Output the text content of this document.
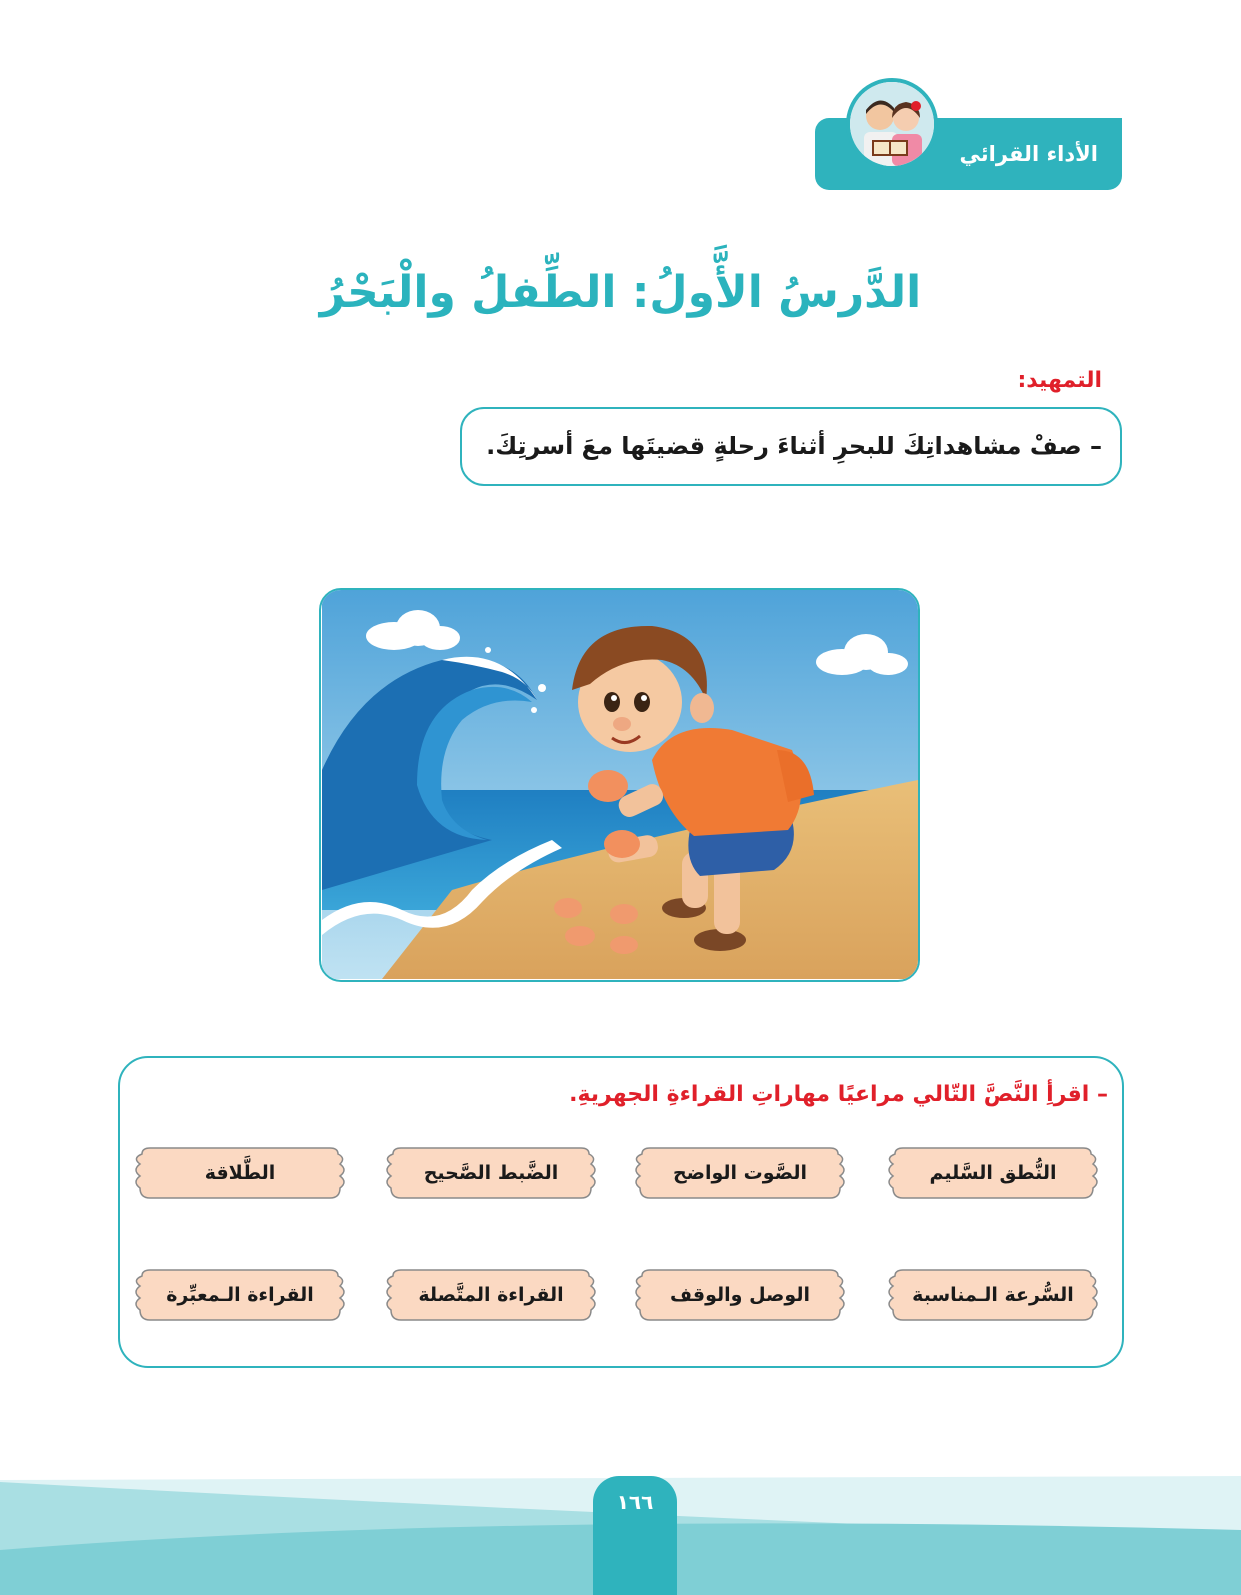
الأداء القرائي
الدَّرسُ الأَّولُ: الطِّفلُ والْبَحْرُ
التمهيد:
– صفْ مشاهداتِكَ للبحرِ أثناءَ رحلةٍ قضيتَها معَ أسرتِكَ.
– اقرأِ النَّصَّ التّالي مراعيًا مهاراتِ القراءةِ الجهريةِ.
النُّطق السَّليم
الصَّوت الواضح
الضَّبط الصَّحيح
الطَّلاقة
السُّرعة الـمناسبة
الوصل والوقف
القراءة المتَّصلة
القراءة الـمعبِّرة
١٦٦
